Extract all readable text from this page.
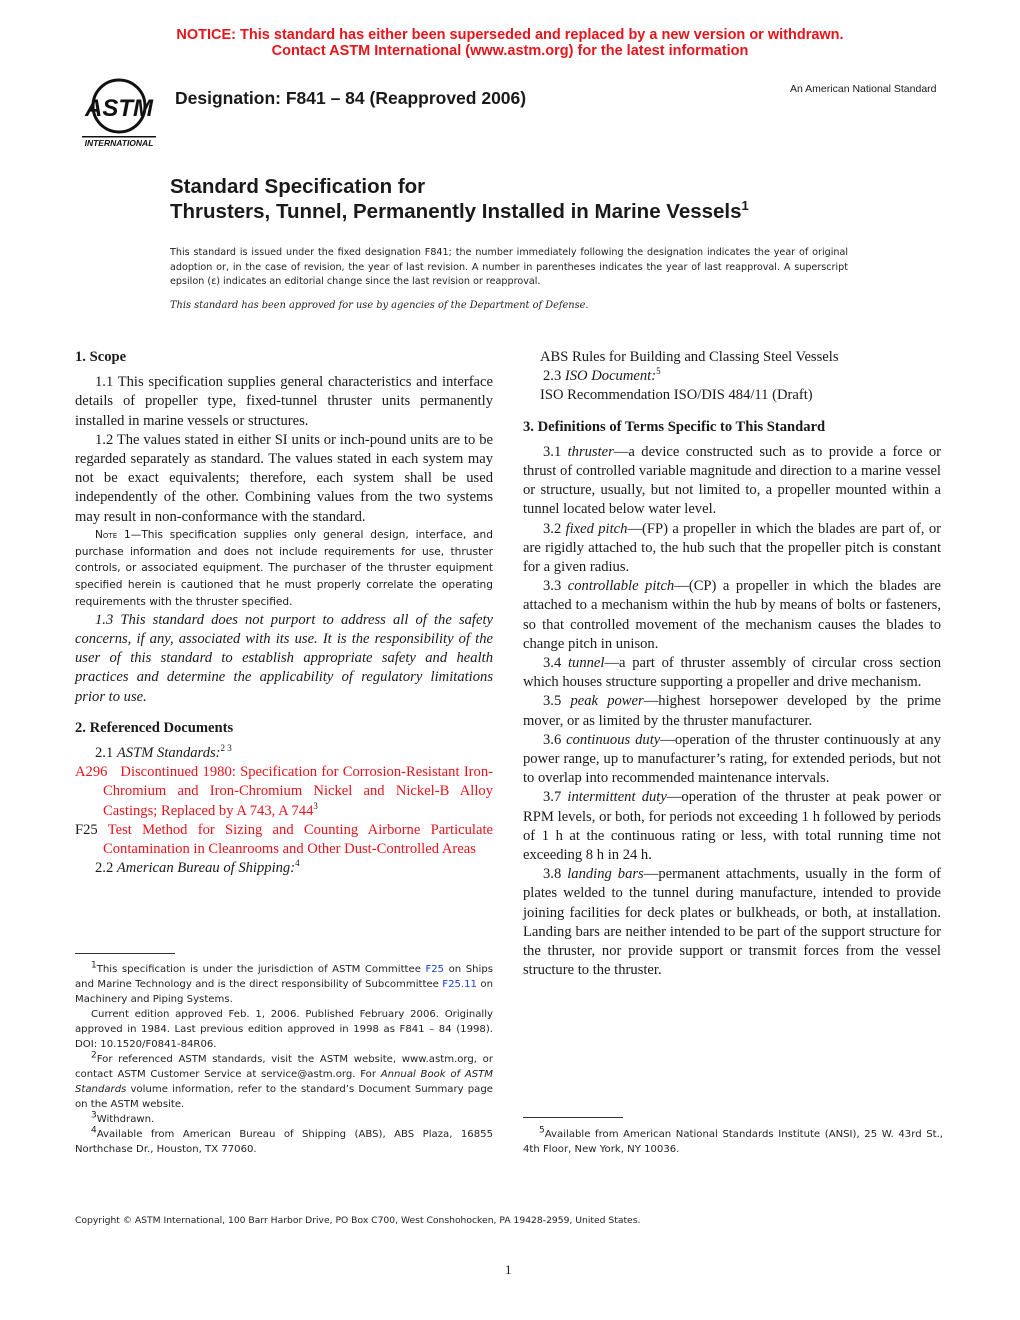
NOTICE: This standard has either been superseded and replaced by a new version or withdrawn.
Contact ASTM International (www.astm.org) for the latest information
ASTM
INTERNATIONAL
Designation: F841 – 84 (Reapproved 2006)	An American National Standard
Standard Specification for
Thrusters, Tunnel, Permanently Installed in Marine Vessels$^1$
This standard is issued under the fixed designation F841; the number immediately following the designation indicates the year of original adoption or, in the case of revision, the year of last revision. A number in parentheses indicates the year of last reapproval. A superscript epsilon (ε) indicates an editorial change since the last revision or reapproval.
This standard has been approved for use by agencies of the Department of Defense.
1. Scope

1.1 This specification supplies general characteristics and interface details of propeller type, fixed-tunnel thruster units permanently installed in marine vessels or structures.

1.2 The values stated in either SI units or inch-pound units are to be regarded separately as standard. The values stated in each system may not be exact equivalents; therefore, each system shall be used independently of the other. Combining values from the two systems may result in non-conformance with the standard.

Note 1—This specification supplies only general design, interface, and purchase information and does not include requirements for use, thruster controls, or associated equipment. The purchaser of the thruster equipment specified herein is cautioned that he must properly correlate the operating requirements with the thruster specified.

1.3 This standard does not purport to address all of the safety concerns, if any, associated with its use. It is the responsibility of the user of this standard to establish appropriate safety and health practices and determine the applicability of regulatory limitations prior to use.

2. Referenced Documents

2.1 ASTM Standards:$^{2 3}$

A296 Discontinued 1980: Specification for Corrosion-Resistant Iron-Chromium and Iron-Chromium Nickel and Nickel-B Alloy Castings; Replaced by A 743, A $744^3$

F25 Test Method for Sizing and Counting Airborne Particulate Contamination in Cleanrooms and Other Dust-Controlled Areas

2.2 American Bureau of Shipping:$^4$

ABS Rules for Building and Classing Steel Vessels

2.3 ISO Document:$^5$

ISO Recommendation ISO/DIS 484/11 (Draft)

3. Definitions of Terms Specific to This Standard

3.1 thruster—a device constructed such as to provide a force or thrust of controlled variable magnitude and direction to a marine vessel or structure, usually, but not limited to, a propeller mounted within a tunnel located below water level.

3.2 fixed pitch—(FP) a propeller in which the blades are part of, or are rigidly attached to, the hub such that the propeller pitch is constant for a given radius.

3.3 controllable pitch—(CP) a propeller in which the blades are attached to a mechanism within the hub by means of bolts or fasteners, so that controlled movement of the mechanism causes the blades to change pitch in unison.

3.4 tunnel—a part of thruster assembly of circular cross section which houses structure supporting a propeller and drive mechanism.

3.5 peak power—highest horsepower developed by the prime mover, or as limited by the thruster manufacturer.

3.6 continuous duty—operation of the thruster continuously at any power range, up to manufacturer’s rating, for extended periods, but not to overlap into recommended maintenance intervals.

3.7 intermittent duty—operation of the thruster at peak power or RPM levels, or both, for periods not exceeding 1 h followed by periods of 1 h at the continuous rating or less, with total running time not exceeding 8 h in 24 h.

3.8 landing bars—permanent attachments, usually in the form of plates welded to the tunnel during manufacture, intended to provide joining facilities for deck plates or bulkheads, or both, at installation. Landing bars are neither intended to be part of the support structure for the thruster, nor provide support or transmit forces from the vessel structure to the thruster.

$^1$This specification is under the jurisdiction of ASTM Committee F25 on Ships and Marine Technology and is the direct responsibility of Subcommittee F25.11 on Machinery and Piping Systems.

Current edition approved Feb. 1, 2006. Published February 2006. Originally approved in 1984. Last previous edition approved in 1998 as F841 – 84 (1998). DOI: 10.1520/F0841-84R06.

$^2$For referenced ASTM standards, visit the ASTM website, www.astm.org, or contact ASTM Customer Service at service@astm.org. For Annual Book of ASTM Standards volume information, refer to the standard’s Document Summary page on the ASTM website.

$^3$Withdrawn.

$^4$Available from American Bureau of Shipping (ABS), ABS Plaza, 16855 Northchase Dr., Houston, TX 77060.

$^5$Available from American National Standards Institute (ANSI), 25 W. 43rd St., 4th Floor, New York, NY 10036.

Copyright © ASTM International, 100 Barr Harbor Drive, PO Box C700, West Conshohocken, PA 19428-2959, United States.
1
